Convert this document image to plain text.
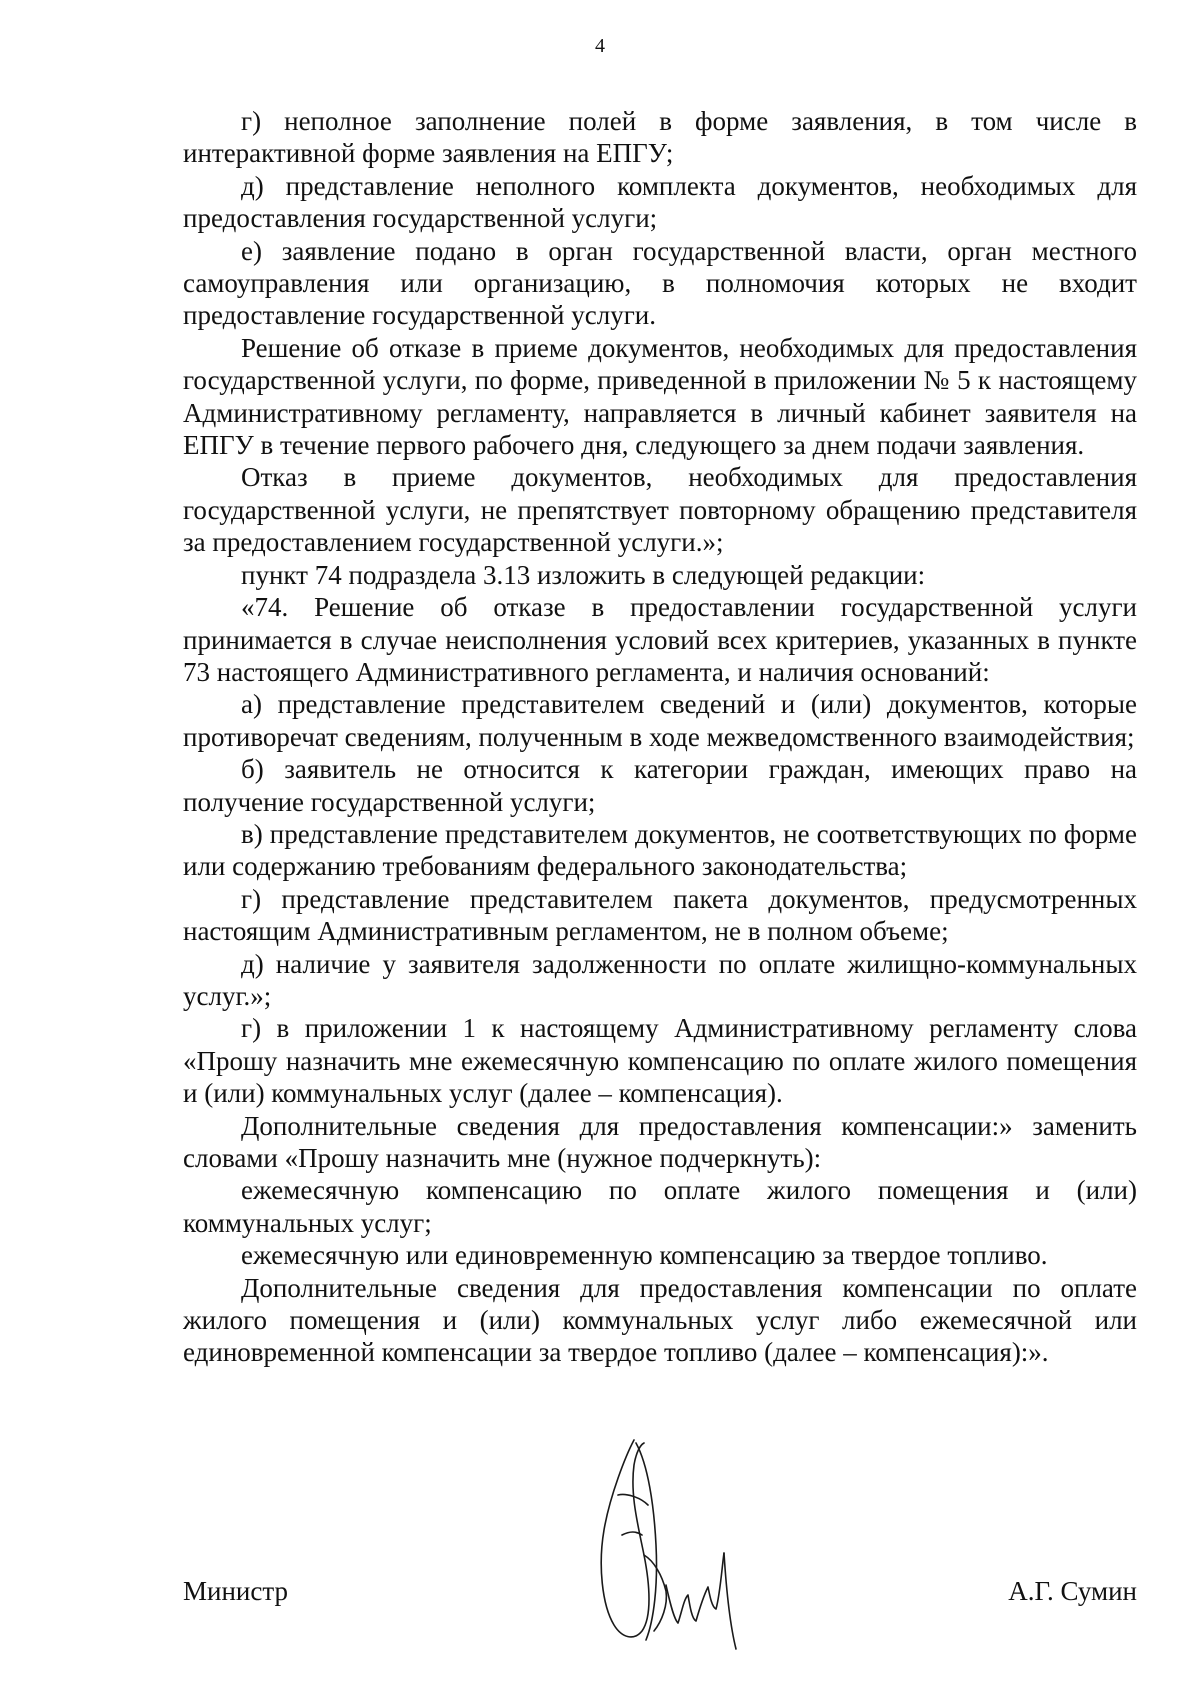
4

г) неполное заполнение полей в форме заявления, в том числе в интерактивной форме заявления на ЕПГУ;

д) представление неполного комплекта документов, необходимых для предоставления государственной услуги;

е) заявление подано в орган государственной власти, орган местного самоуправления или организацию, в полномочия которых не входит предоставление государственной услуги.

Решение об отказе в приеме документов, необходимых для предоставления государственной услуги, по форме, приведенной в приложении № 5 к настоящему Административному регламенту, направляется в личный кабинет заявителя на ЕПГУ в течение первого рабочего дня, следующего за днем подачи заявления.

Отказ в приеме документов, необходимых для предоставления государственной услуги, не препятствует повторному обращению представителя за предоставлением государственной услуги.»;

пункт 74 подраздела 3.13 изложить в следующей редакции:

«74. Решение об отказе в предоставлении государственной услуги принимается в случае неисполнения условий всех критериев, указанных в пункте 73 настоящего Административного регламента, и наличия оснований:

а) представление представителем сведений и (или) документов, которые противоречат сведениям, полученным в ходе межведомственного взаимодействия;

б) заявитель не относится к категории граждан, имеющих право на получение государственной услуги;

в) представление представителем документов, не соответствующих по форме или содержанию требованиям федерального законодательства;

г) представление представителем пакета документов, предусмотренных настоящим Административным регламентом, не в полном объеме;

д) наличие у заявителя задолженности по оплате жилищно-коммунальных услуг.»;

г) в приложении 1 к настоящему Административному регламенту слова «Прошу назначить мне ежемесячную компенсацию по оплате жилого помещения и (или) коммунальных услуг (далее – компенсация).

Дополнительные сведения для предоставления компенсации:» заменить словами «Прошу назначить мне (нужное подчеркнуть):

ежемесячную компенсацию по оплате жилого помещения и (или) коммунальных услуг;

ежемесячную или единовременную компенсацию за твердое топливо.

Дополнительные сведения для предоставления компенсации по оплате жилого помещения и (или) коммунальных услуг либо ежемесячной или единовременной компенсации за твердое топливо (далее – компенсация):».

Министр	А.Г. Сумин
